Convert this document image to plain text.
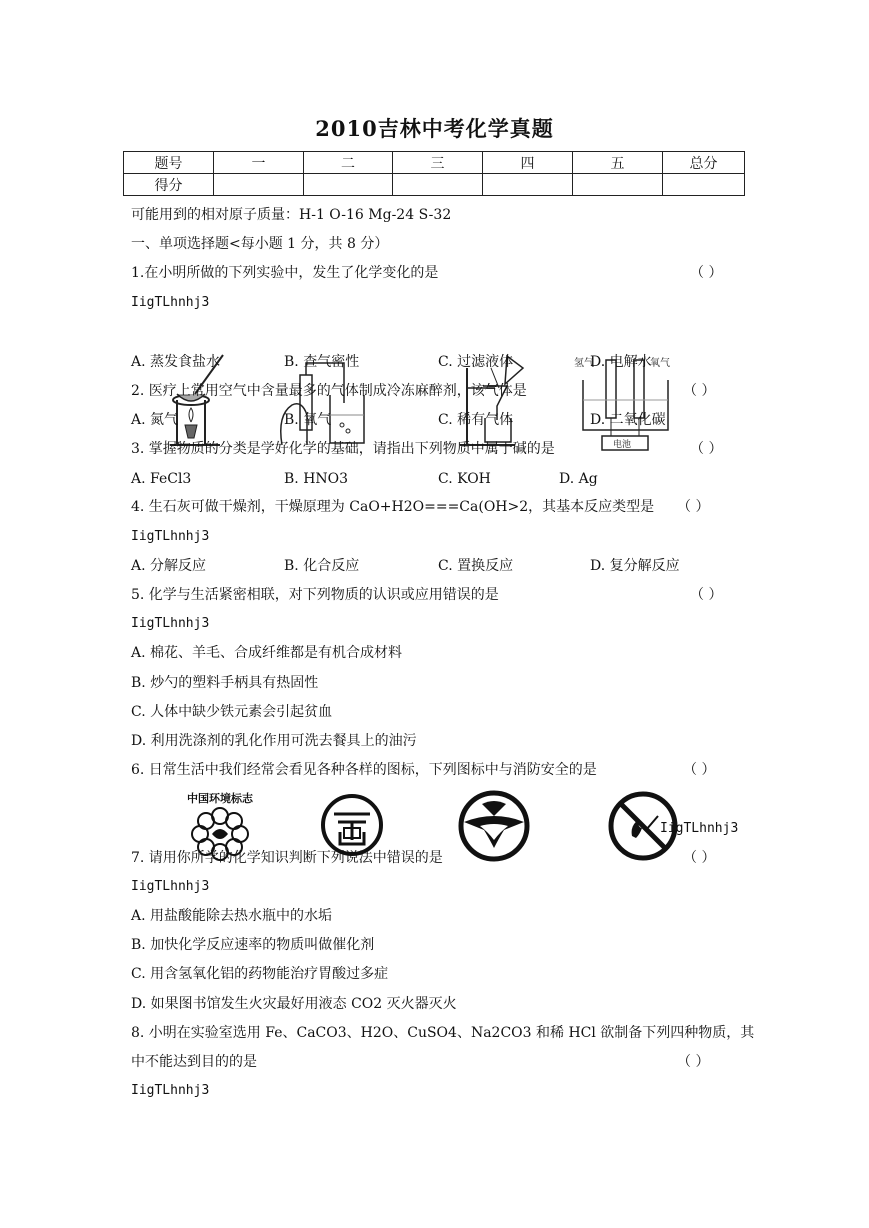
2010吉林中考化学真题
题号	一	二	三	四	五	总分
得分						
可能用到的相对原子质量：H-1 O-16 Mg-24 S-32
一、单项选择题<每小题 1 分，共 8 分）
1.在小明所做的下列实验中，发生了化学变化的是	（ ）
IigTLhnhj3
氢气	氧气
电池
A. 蒸发食盐水	B. 查气密性	C. 过滤液体	D. 电解水
2. 医疗上常用空气中含量最多的气体制成冷冻麻醉剂，该气体是	（ ）
A. 氮气	B. 氧气	C. 稀有气体	D. 二氧化碳
3. 掌握物质的分类是学好化学的基础，请指出下列物质中属于碱的是	（ ）
A. FeCl3	B. HNO3	C. KOH	D. Ag
4. 生石灰可做干燥剂，干燥原理为 CaO+H2O===Ca(OH>2，其基本反应类型是 （ ）
IigTLhnhj3
A. 分解反应	B. 化合反应	C. 置换反应	D. 复分解反应
5. 化学与生活紧密相联，对下列物质的认识或应用错误的是	（ ）
IigTLhnhj3
A. 棉花、羊毛、合成纤维都是有机合成材料
B. 炒勺的塑料手柄具有热固性
C. 人体中缺少铁元素会引起贫血
D. 利用洗涤剂的乳化作用可洗去餐具上的油污
6. 日常生活中我们经常会看见各种各样的图标，下列图标中与消防安全的是	（ ）
中国环境标志
IigTLhnhj3
7. 请用你所学的化学知识判断下列说法中错误的是	（ ）
IigTLhnhj3
A. 用盐酸能除去热水瓶中的水垢
B. 加快化学反应速率的物质叫做催化剂
C. 用含氢氧化铝的药物能治疗胃酸过多症
D. 如果图书馆发生火灾最好用液态 CO2 灭火器灭火
8. 小明在实验室选用 Fe、CaCO3、H2O、CuSO4、Na2CO3 和稀 HCl 欲制备下列四种物质，其
中不能达到目的的是	（ ）
IigTLhnhj3
